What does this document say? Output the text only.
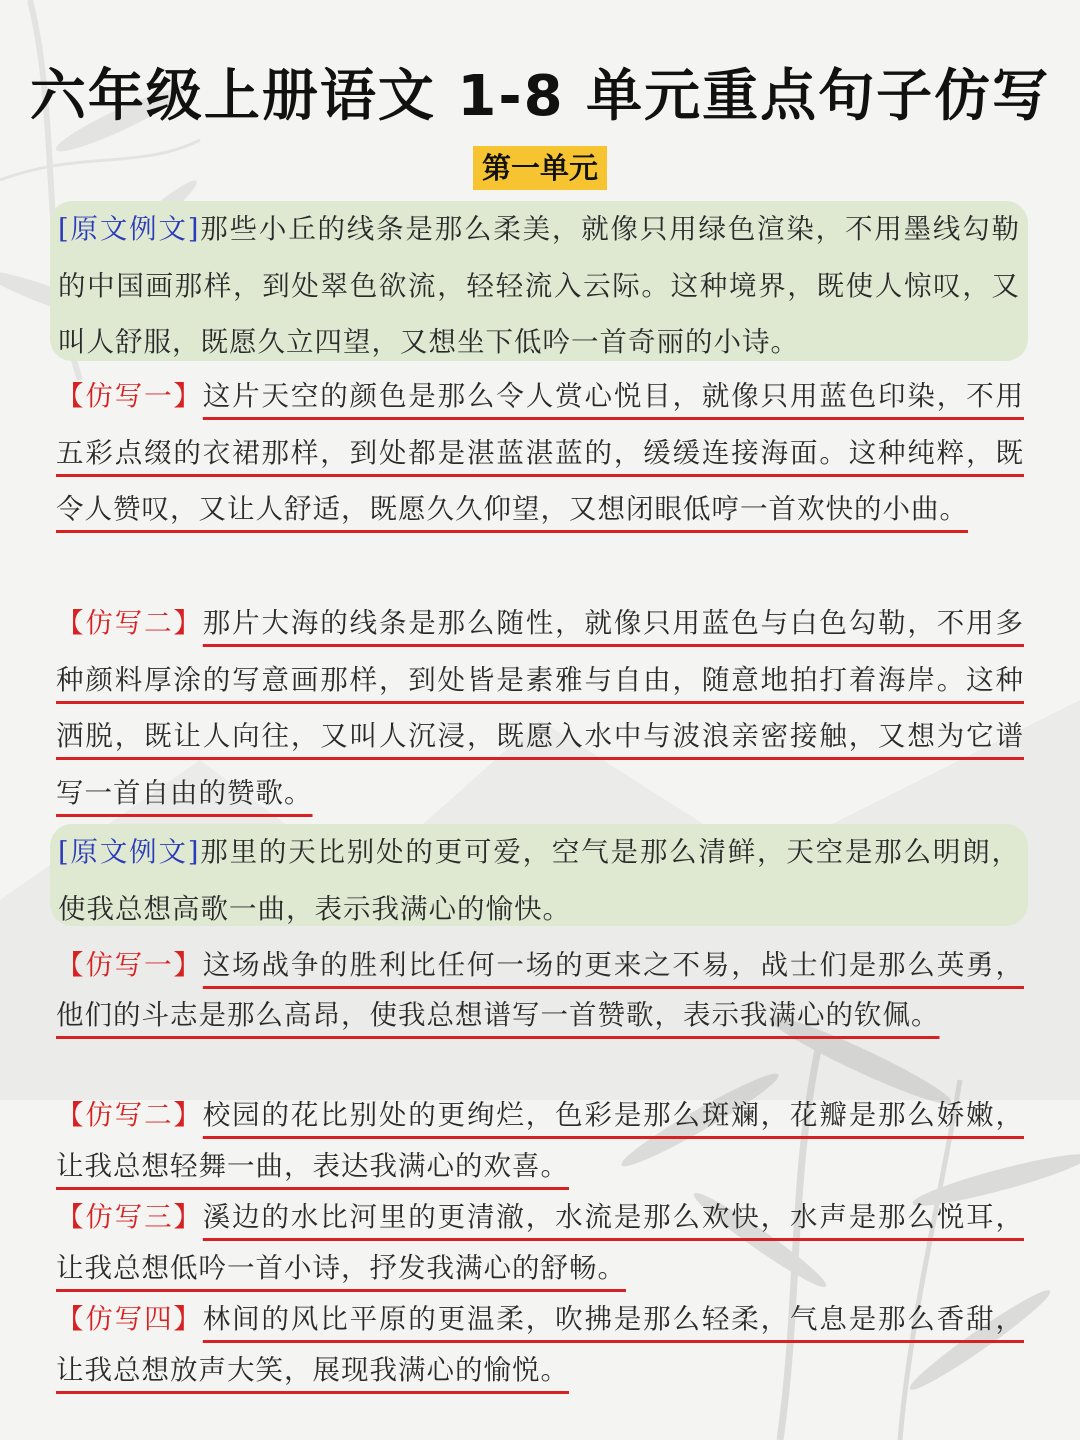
六年级上册语文 1-8 单元重点句子仿写
第一单元
[原文例文]那些小丘的线条是那么柔美，就像只用绿色渲染，不用墨线勾勒的中国画那样，到处翠色欲流，轻轻流入云际。这种境界，既使人惊叹，又叫人舒服，既愿久立四望，又想坐下低吟一首奇丽的小诗。
【仿写一】这片天空的颜色是那么令人赏心悦目，就像只用蓝色印染，不用五彩点缀的衣裙那样，到处都是湛蓝湛蓝的，缓缓连接海面。这种纯粹，既令人赞叹，又让人舒适，既愿久久仰望，又想闭眼低哼一首欢快的小曲。
【仿写二】那片大海的线条是那么随性，就像只用蓝色与白色勾勒，不用多种颜料厚涂的写意画那样，到处皆是素雅与自由，随意地拍打着海岸。这种洒脱，既让人向往，又叫人沉浸，既愿入水中与波浪亲密接触，又想为它谱写一首自由的赞歌。
[原文例文]那里的天比别处的更可爱，空气是那么清鲜，天空是那么明朗，使我总想高歌一曲，表示我满心的愉快。
【仿写一】这场战争的胜利比任何一场的更来之不易，战士们是那么英勇，他们的斗志是那么高昂，使我总想谱写一首赞歌，表示我满心的钦佩。
【仿写二】校园的花比别处的更绚烂，色彩是那么斑斓，花瓣是那么娇嫩，让我总想轻舞一曲，表达我满心的欢喜。
【仿写三】溪边的水比河里的更清澈，水流是那么欢快，水声是那么悦耳，让我总想低吟一首小诗，抒发我满心的舒畅。
【仿写四】林间的风比平原的更温柔，吹拂是那么轻柔，气息是那么香甜，让我总想放声大笑，展现我满心的愉悦。
